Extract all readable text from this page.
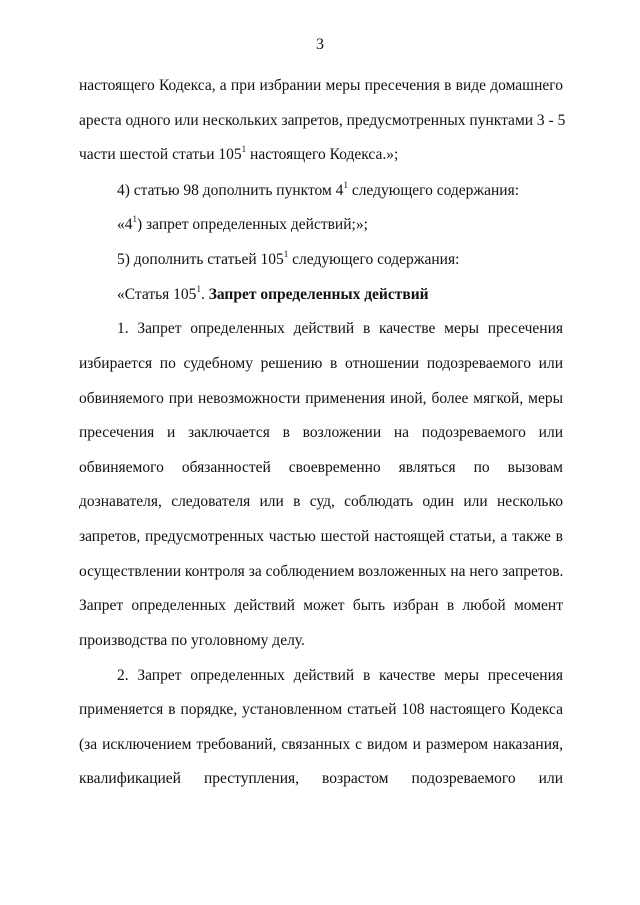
3
настоящего Кодекса, а при избрании меры пресечения в виде домашнего
ареста одного или нескольких запретов, предусмотренных пунктами 3 - 5
части шестой статьи $105^1$ настоящего Кодекса.»;
4) статью 98 дополнить пунктом $4^1$ следующего содержания:
«$4^1$) запрет определенных действий;»;
5) дополнить статьей $105^1$ следующего содержания:
«Статья $105^1$. Запрет определенных действий
1. Запрет определенных действий в качестве меры пресечения
избирается по судебному решению в отношении подозреваемого или
обвиняемого при невозможности применения иной, более мягкой, меры
пресечения и заключается в возложении на подозреваемого или
обвиняемого обязанностей своевременно являться по вызовам
дознавателя, следователя или в суд, соблюдать один или несколько
запретов, предусмотренных частью шестой настоящей статьи, а также в
осуществлении контроля за соблюдением возложенных на него запретов.
Запрет определенных действий может быть избран в любой момент
производства по уголовному делу.
2. Запрет определенных действий в качестве меры пресечения
применяется в порядке, установленном статьей 108 настоящего Кодекса
(за исключением требований, связанных с видом и размером наказания,
квалификацией преступления, возрастом подозреваемого или
